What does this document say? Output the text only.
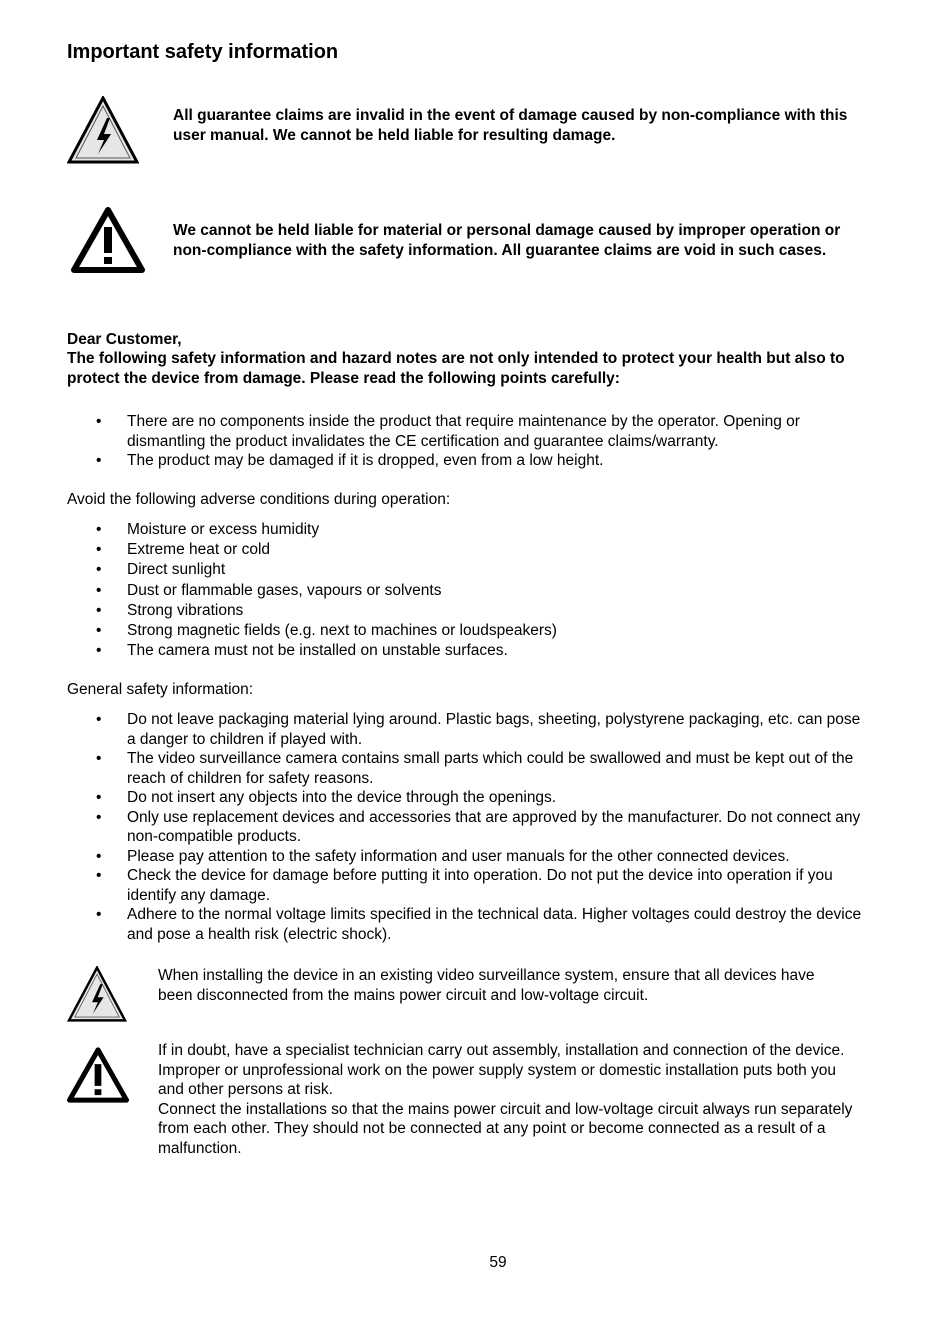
Important safety information
All guarantee claims are invalid in the event of damage caused by non-compliance with this user manual. We cannot be held liable for resulting damage.
We cannot be held liable for material or personal damage caused by improper operation or non-compliance with the safety information. All guarantee claims are void in such cases.

Dear Customer,

The following safety information and hazard notes are not only intended to protect your health but also to protect the device from damage. Please read the following points carefully:

• There are no components inside the product that require maintenance by the operator. Opening or dismantling the product invalidates the CE certification and guarantee claims/warranty.
• The product may be damaged if it is dropped, even from a low height.

Avoid the following adverse conditions during operation:

• Moisture or excess humidity
• Extreme heat or cold
• Direct sunlight
• Dust or flammable gases, vapours or solvents
• Strong vibrations
• Strong magnetic fields (e.g. next to machines or loudspeakers)
• The camera must not be installed on unstable surfaces.

General safety information:

• Do not leave packaging material lying around. Plastic bags, sheeting, polystyrene packaging, etc. can pose a danger to children if played with.
• The video surveillance camera contains small parts which could be swallowed and must be kept out of the reach of children for safety reasons.
• Do not insert any objects into the device through the openings.
• Only use replacement devices and accessories that are approved by the manufacturer. Do not connect any non-compatible products.
• Please pay attention to the safety information and user manuals for the other connected devices.
• Check the device for damage before putting it into operation. Do not put the device into operation if you identify any damage.
• Adhere to the normal voltage limits specified in the technical data. Higher voltages could destroy the device and pose a health risk (electric shock).
When installing the device in an existing video surveillance system, ensure that all devices have been disconnected from the mains power circuit and low-voltage circuit.
If in doubt, have a specialist technician carry out assembly, installation and connection of the device. Improper or unprofessional work on the power supply system or domestic installation puts both you and other persons at risk.
Connect the installations so that the mains power circuit and low-voltage circuit always run separately from each other. They should not be connected at any point or become connected as a result of a malfunction.

59
